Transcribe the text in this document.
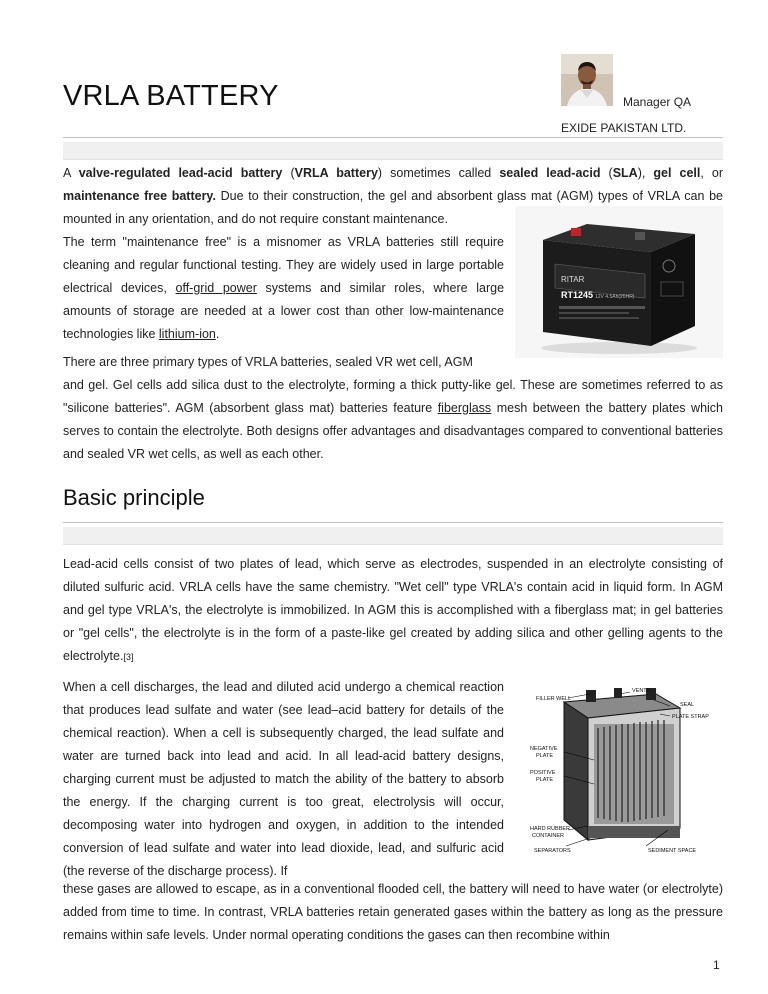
VRLA BATTERY	Manager QA
EXIDE PAKISTAN LTD.

A valve-regulated lead-acid battery (VRLA battery) sometimes called sealed lead-acid (SLA), gel cell, or maintenance free battery. Due to their construction, the gel and absorbent glass mat (AGM) types of VRLA can be mounted in any orientation, and do not require constant maintenance.

The term "maintenance free" is a misnomer as VRLA batteries still require cleaning and regular functional testing. They are widely used in large portable electrical devices, off-grid power systems and similar roles, where large amounts of storage are needed at a lower cost than other low-maintenance technologies like lithium-ion.

There are three primary types of VRLA batteries, sealed VR wet cell, AGM

and gel. Gel cells add silica dust to the electrolyte, forming a thick putty-like gel. These are sometimes referred to as "silicone batteries". AGM (absorbent glass mat) batteries feature fiberglass mesh between the battery plates which serves to contain the electrolyte. Both designs offer advantages and disadvantages compared to conventional batteries and sealed VR wet cells, as well as each other.

RITAR
RT1245 12V 4.5Ah(20HR)
Basic principle

Lead-acid cells consist of two plates of lead, which serve as electrodes, suspended in an electrolyte consisting of diluted sulfuric acid. VRLA cells have the same chemistry. "Wet cell" type VRLA's contain acid in liquid form. In AGM and gel type VRLA's, the electrolyte is immobilized. In AGM this is accomplished with a fiberglass mat; in gel batteries or "gel cells", the electrolyte is in the form of a paste-like gel created by adding silica and other gelling agents to the electrolyte.[3]

When a cell discharges, the lead and diluted acid undergo a chemical reaction that produces lead sulfate and water (see lead–acid battery for details of the chemical reaction). When a cell is subsequently charged, the lead sulfate and water are turned back into lead and acid. In all lead-acid battery designs, charging current must be adjusted to match the ability of the battery to absorb the energy. If the charging current is too great, electrolysis will occur, decomposing water into hydrogen and oxygen, in addition to the intended conversion of lead sulfate and water into lead dioxide, lead, and sulfuric acid (the reverse of the discharge process). If

these gases are allowed to escape, as in a conventional flooded cell, the battery will need to have water (or electrolyte) added from time to time. In contrast, VRLA batteries retain generated gases within the battery as long as the pressure remains within safe levels. Under normal operating conditions the gases can then recombine within

FILLER WELL
VENTS
SEAL
PLATE STRAP
NEGATIVE
PLATE
POSITIVE
PLATE
HARD RUBBER
CONTAINER
SEPARATORS	SEDIMENT SPACE
1
